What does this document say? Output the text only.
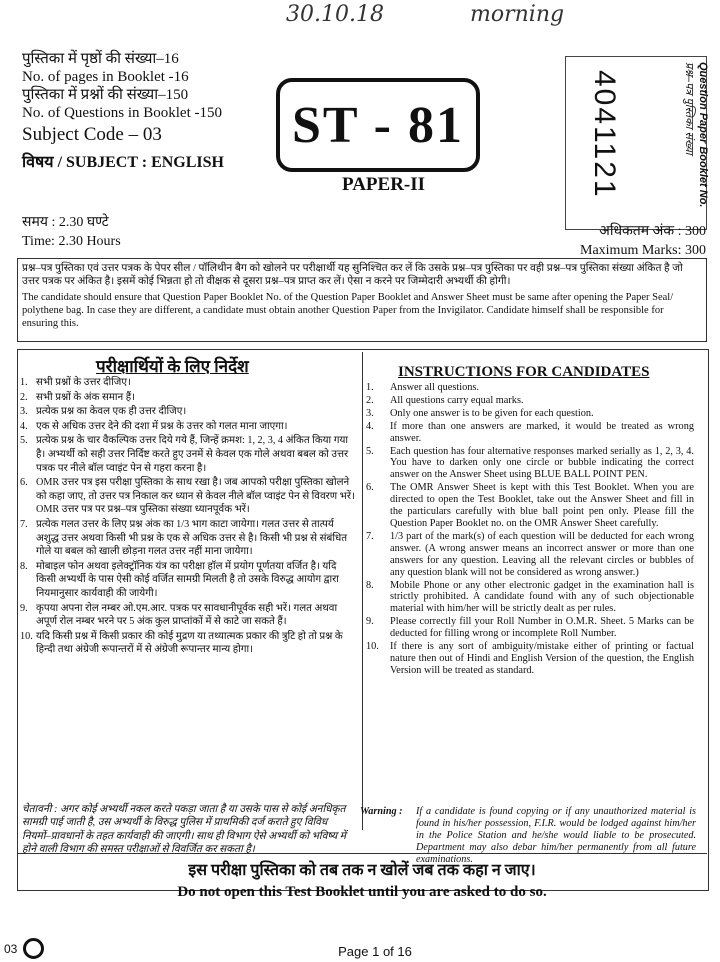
30.10.18	morning
पुस्तिका में पृष्ठों की संख्या–16
No. of pages in Booklet -16
पुस्तिका में प्रश्नों की संख्या–150
No. of Questions in Booklet -150
Subject Code – 03
विषय / SUBJECT : ENGLISH
ST - 81
PAPER-II	4041121	Question Paper Booklet No. प्रश्न–पत्र पुस्तिका संख्या
समय : 2.30 घण्टे
Time: 2.30 Hours
अधिकतम अंक : 300
Maximum Marks: 300

प्रश्न–पत्र पुस्तिका एवं उत्तर पत्रक के पेपर सील / पॉलिथीन बैग को खोलने पर परीक्षार्थी यह सुनिश्चित कर लें कि उसके प्रश्न–पत्र पुस्तिका पर वही प्रश्न–पत्र पुस्तिका संख्या अंकित है जो उत्तर पत्रक पर अंकित है। इसमें कोई भिन्नता हो तो वीक्षक से दूसरा प्रश्न–पत्र प्राप्त कर लें। ऐसा न करने पर जिम्मेदारी अभ्यर्थी की होगी।

The candidate should ensure that Question Paper Booklet No. of the Question Paper Booklet and Answer Sheet must be same after opening the Paper Seal/ polythene bag. In case they are different, a candidate must obtain another Question Paper from the Invigilator. Candidate himself shall be responsible for ensuring this.

परीक्षार्थियों के लिए निर्देश
1. सभी प्रश्नों के उत्तर दीजिए।
2. सभी प्रश्नों के अंक समान हैं।
3. प्रत्येक प्रश्न का केवल एक ही उत्तर दीजिए।
4. एक से अधिक उत्तर देने की दशा में प्रश्न के उत्तर को गलत माना जाएगा।
5. प्रत्येक प्रश्न के चार वैकल्पिक उत्तर दिये गये हैं, जिन्हें क्रमश: 1, 2, 3, 4 अंकित किया गया है। अभ्यर्थी को सही उत्तर निर्दिष्ट करते हुए उनमें से केवल एक गोले अथवा बबल को उत्तर पत्रक पर नीले बॉल प्वाइंट पेन से गहरा करना है।
6. OMR उत्तर पत्र इस परीक्षा पुस्तिका के साथ रखा है। जब आपको परीक्षा पुस्तिका खोलने को कहा जाए, तो उत्तर पत्र निकाल कर ध्यान से केवल नीले बॉल प्वाइंट पेन से विवरण भरें। OMR उत्तर पत्र पर प्रश्न–पत्र पुस्तिका संख्या ध्यानपूर्वक भरें।
7. प्रत्येक गलत उत्तर के लिए प्रश्न अंक का 1/3 भाग काटा जायेगा। गलत उत्तर से तात्पर्य अशुद्ध उत्तर अथवा किसी भी प्रश्न के एक से अधिक उत्तर से है। किसी भी प्रश्न से संबंधित गोले या बबल को खाली छोड़ना गलत उत्तर नहीं माना जायेगा।
8. मोबाइल फोन अथवा इलेक्ट्रॉनिक यंत्र का परीक्षा हॉल में प्रयोग पूर्णतया वर्जित है। यदि किसी अभ्यर्थी के पास ऐसी कोई वर्जित सामग्री मिलती है तो उसके विरुद्ध आयोग द्वारा नियमानुसार कार्यवाही की जायेगी।
9. कृपया अपना रोल नम्बर ओ.एम.आर. पत्रक पर सावधानीपूर्वक सही भरें। गलत अथवा अपूर्ण रोल नम्बर भरने पर 5 अंक कुल प्राप्तांकों में से काटे जा सकते हैं।
10. यदि किसी प्रश्न में किसी प्रकार की कोई मुद्रण या तथ्यात्मक प्रकार की त्रुटि हो तो प्रश्न के हिन्दी तथा अंग्रेजी रूपान्तरों में से अंग्रेजी रूपान्तर मान्य होगा।
चेतावनी : अगर कोई अभ्यर्थी नकल करते पकड़ा जाता है या उसके पास से कोई अनधिकृत सामग्री पाई जाती है, उस अभ्यर्थी के विरुद्ध पुलिस में प्राथमिकी दर्ज कराते हुए विविध नियमों–प्रावधानों के तहत कार्यवाही की जाएगी। साथ ही विभाग ऐसे अभ्यर्थी को भविष्य में होने वाली विभाग की समस्त परीक्षाओं से विवर्जित कर सकता है।
INSTRUCTIONS FOR CANDIDATES
1.	Answer all questions.
2.	All questions carry equal marks.
3.	Only one answer is to be given for each question.
4.	If more than one answers are marked, it would be treated as wrong answer.
5.	Each question has four alternative responses marked serially as 1, 2, 3, 4. You have to darken only one circle or bubble indicating the correct answer on the Answer Sheet using BLUE BALL POINT PEN.
6.	The OMR Answer Sheet is kept with this Test Booklet. When you are directed to open the Test Booklet, take out the Answer Sheet and fill in the particulars carefully with blue ball point pen only. Please fill the Question Paper Booklet no. on the OMR Answer Sheet carefully.
7.	1/3 part of the mark(s) of each question will be deducted for each wrong answer. (A wrong answer means an incorrect answer or more than one answers for any question. Leaving all the relevant circles or bubbles of any question blank will not be considered as wrong answer.)
8.	Mobile Phone or any other electronic gadget in the examination hall is strictly prohibited. A candidate found with any of such objectionable material with him/her will be strictly dealt as per rules.
9.	Please correctly fill your Roll Number in O.M.R. Sheet. 5 Marks can be deducted for filling wrong or incomplete Roll Number.
10.	If there is any sort of ambiguity/mistake either of printing or factual nature then out of Hindi and English Version of the question, the English Version will be treated as standard.
Warning :	If a candidate is found copying or if any unauthorized material is found in his/her possession, F.I.R. would be lodged against him/her in the Police Station and he/she would liable to be prosecuted. Department may also debar him/her permanently from all future examinations.
इस परीक्षा पुस्तिका को तब तक न खोलें जब तक कहा न जाए।
Do not open this Test Booklet until you are asked to do so.
03	Page 1 of 16
